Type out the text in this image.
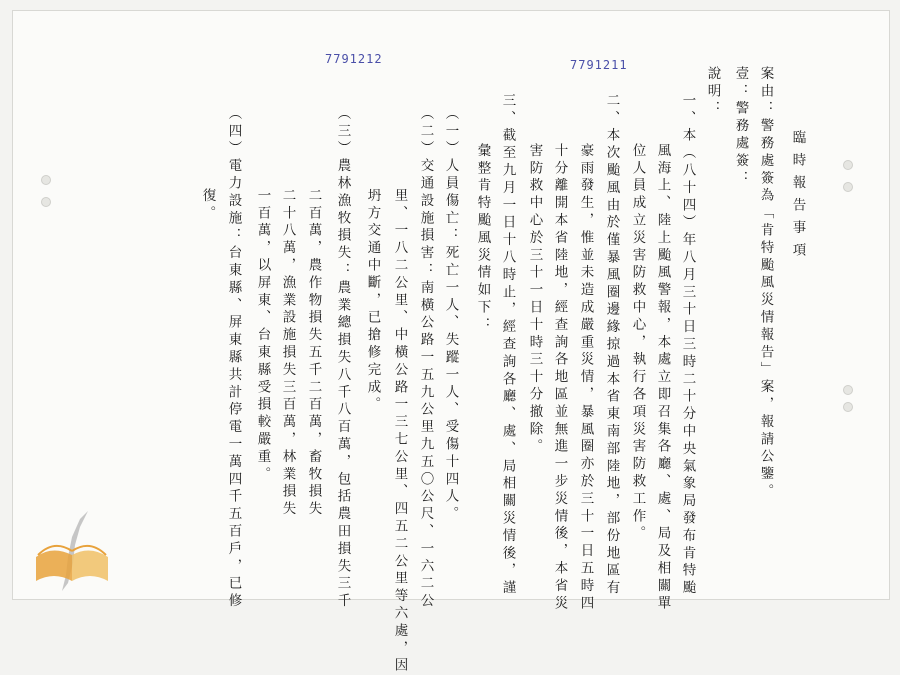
7791211
7791212
臨時報告事項
案由：警務處簽為「肯特颱風災情報告」案，報請公鑒。
壹：警務處簽：
說明：
一、本（八十四）年八月三十日三時二十分中央氣象局發布肯特颱
風海上、陸上颱風警報，本處立即召集各廳、處、局及相關單
位人員成立災害防救中心，執行各項災害防救工作。
二、本次颱風由於僅暴風圈邊緣掠過本省東南部陸地，部份地區有
豪雨發生，惟並未造成嚴重災情，暴風圈亦於三十一日五時四
十分離開本省陸地，經查詢各地區並無進一步災情後，本省災
害防救中心於三十一日十時三十分撤除。
三、截至九月一日十八時止，經查詢各廳、處、局相關災情後，謹
彙整肯特颱風災情如下：
（一）人員傷亡：死亡一人、失蹤一人、受傷十四人。
（二）交通設施損害：南橫公路一五九公里九五〇公尺、一六二公
里、一八二公里、中橫公路一三七公里、四五二公里等六處，因
坍方交通中斷，已搶修完成。
（三）農林漁牧損失：農業總損失八千八百萬，包括農田損失三千
二百萬，農作物損失五千二百萬，畜牧損失
二十八萬，漁業設施損失三百萬，林業損失
一百萬，以屏東、台東縣受損較嚴重。
（四）電力設施：台東縣、屏東縣共計停電一萬四千五百戶，已修
復。
